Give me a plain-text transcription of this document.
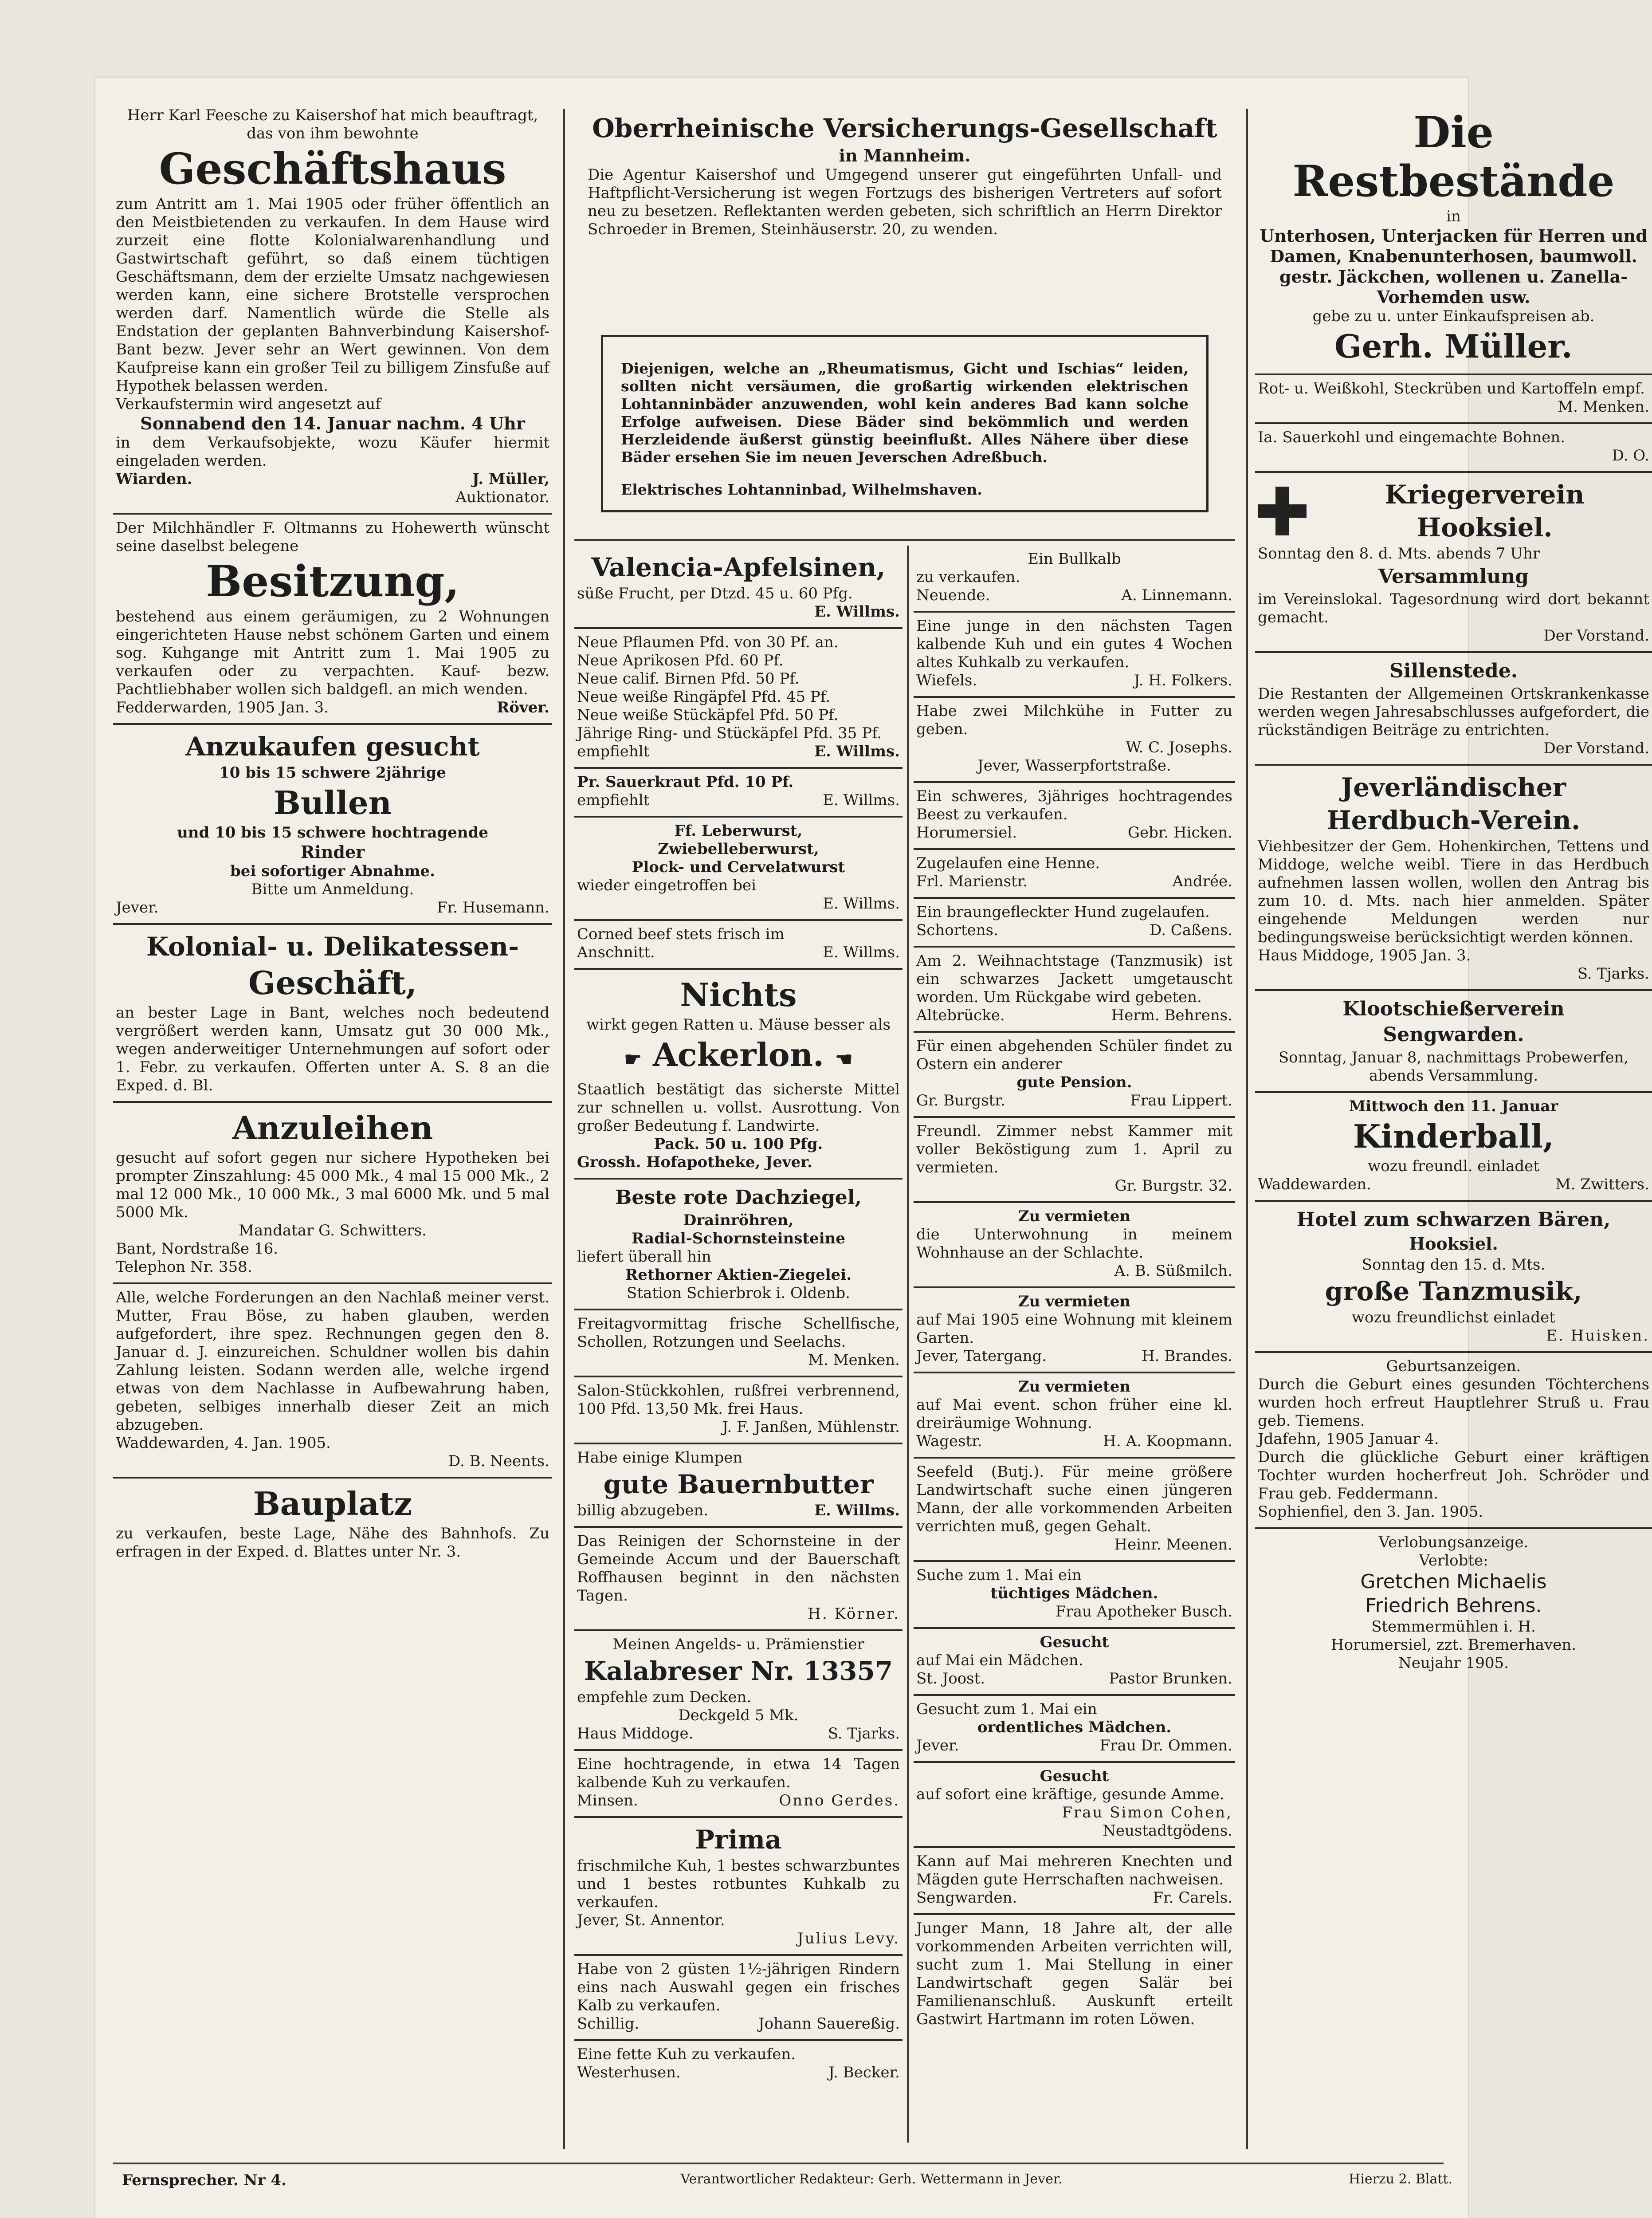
Herr Karl Feesche zu Kaisershof hat mich beauftragt, das von ihm bewohnte

Geschäftshaus

zum Antritt am 1. Mai 1905 oder früher öffentlich an den Meistbietenden zu verkaufen. In dem Hause wird zurzeit eine flotte Kolonialwarenhandlung und Gastwirtschaft geführt, so daß einem tüchtigen Geschäftsmann, dem der erzielte Umsatz nachgewiesen werden kann, eine sichere Brotstelle versprochen werden darf. Namentlich würde die Stelle als Endstation der geplanten Bahnverbindung Kaisershof-Bant bezw. Jever sehr an Wert gewinnen. Von dem Kaufpreise kann ein großer Teil zu billigem Zinsfuße auf Hypothek belassen werden.

Verkaufstermin wird angesetzt auf

Sonnabend den 14. Januar nachm. 4 Uhr

in dem Verkaufsobjekte, wozu Käufer hiermit eingeladen werden.

Wiarden.	J. Müller,

Auktionator.

Der Milchhändler F. Oltmanns zu Hohewerth wünscht seine daselbst belegene

Besitzung,

bestehend aus einem geräumigen, zu 2 Wohnungen eingerichteten Hause nebst schönem Garten und einem sog. Kuhgange mit Antritt zum 1. Mai 1905 zu verkaufen oder zu verpachten. Kauf- bezw. Pachtliebhaber wollen sich baldgefl. an mich wenden.

Fedderwarden, 1905 Jan. 3.	Röver.
Anzukaufen gesucht

10 bis 15 schwere 2jährige

Bullen

und 10 bis 15 schwere hochtragende

Rinder

bei sofortiger Abnahme.

Bitte um Anmeldung.

Jever.	Fr. Husemann.
Kolonial- u. Delikatessen-
Geschäft,

an bester Lage in Bant, welches noch bedeutend vergrößert werden kann, Umsatz gut 30 000 Mk., wegen anderweitiger Unternehmungen auf sofort oder 1. Febr. zu verkaufen. Offerten unter A. S. 8 an die Exped. d. Bl.

Anzuleihen

gesucht auf sofort gegen nur sichere Hypotheken bei prompter Zinszahlung: 45 000 Mk., 4 mal 15 000 Mk., 2 mal 12 000 Mk., 10 000 Mk., 3 mal 6000 Mk. und 5 mal 5000 Mk.

Mandatar G. Schwitters.

Bant, Nordstraße 16.

Telephon Nr. 358.

Alle, welche Forderungen an den Nachlaß meiner verst. Mutter, Frau Böse, zu haben glauben, werden aufgefordert, ihre spez. Rechnungen gegen den 8. Januar d. J. einzureichen. Schuldner wollen bis dahin Zahlung leisten. Sodann werden alle, welche irgend etwas von dem Nachlasse in Aufbewahrung haben, gebeten, selbiges innerhalb dieser Zeit an mich abzugeben.

Waddewarden, 4. Jan. 1905.

D. B. Neents.

Bauplatz

zu verkaufen, beste Lage, Nähe des Bahnhofs. Zu erfragen in der Exped. d. Blattes unter Nr. 3.

Oberrheinische Versicherungs-Gesellschaft

in Mannheim.

Die Agentur Kaisershof und Umgegend unserer gut eingeführten Unfall- und Haftpflicht-Versicherung ist wegen Fortzugs des bisherigen Vertreters auf sofort neu zu besetzen. Reflektanten werden gebeten, sich schriftlich an Herrn Direktor Schroeder in Bremen, Steinhäuserstr. 20, zu wenden.

Diejenigen, welche an „Rheumatismus, Gicht und Ischias“ leiden, sollten nicht versäumen, die großartig wirkenden elektrischen Lohtanninbäder anzuwenden, wohl kein anderes Bad kann solche Erfolge aufweisen. Diese Bäder sind bekömmlich und werden Herzleidende äußerst günstig beeinflußt. Alles Nähere über diese Bäder ersehen Sie im neuen Jeverschen Adreßbuch.

Elektrisches Lohtanninbad, Wilhelmshaven.

Valencia-Apfelsinen,

süße Frucht, per Dtzd. 45 u. 60 Pfg.

E. Willms.

Neue Pflaumen Pfd. von 30 Pf. an.

Neue Aprikosen Pfd. 60 Pf.

Neue calif. Birnen Pfd. 50 Pf.

Neue weiße Ringäpfel Pfd. 45 Pf.

Neue weiße Stückäpfel Pfd. 50 Pf.

Jährige Ring- und Stückäpfel Pfd. 35 Pf.

empfiehlt	E. Willms.

Pr. Sauerkraut Pfd. 10 Pf.

empfiehlt	E. Willms.

Ff. Leberwurst,

Zwiebelleberwurst,

Plock- und Cervelatwurst

wieder eingetroffen bei

E. Willms.

Corned beef stets frisch im

Anschnitt.	E. Willms.
Nichts

wirkt gegen Ratten u. Mäuse besser als

☛ Ackerlon. ☚

Staatlich bestätigt das sicherste Mittel zur schnellen u. vollst. Ausrottung. Von großer Bedeutung f. Landwirte.

Pack. 50 u. 100 Pfg.

Grossh. Hofapotheke, Jever.

Beste rote Dachziegel,

Drainröhren,

Radial-Schornsteinsteine

liefert überall hin

Rethorner Aktien-Ziegelei.

Station Schierbrok i. Oldenb.

Freitagvormittag frische Schellfische, Schollen, Rotzungen und Seelachs.

M. Menken.

Salon-Stückkohlen, rußfrei verbrennend, 100 Pfd. 13,50 Mk. frei Haus.

J. F. Janßen, Mühlenstr.

Habe einige Klumpen

gute Bauernbutter
billig abzugeben.	E. Willms.

Das Reinigen der Schornsteine in der Gemeinde Accum und der Bauerschaft Roffhausen beginnt in den nächsten Tagen.

H. Körner.

Meinen Angelds- u. Prämienstier

Kalabreser Nr. 13357

empfehle zum Decken.

Deckgeld 5 Mk.

Haus Middoge.	S. Tjarks.

Eine hochtragende, in etwa 14 Tagen kalbende Kuh zu verkaufen.

Minsen.	Onno Gerdes.
Prima

frischmilche Kuh, 1 bestes schwarzbuntes und 1 bestes rotbuntes Kuhkalb zu verkaufen.

Jever, St. Annentor.

Julius Levy.

Habe von 2 güsten 1½-jährigen Rindern eins nach Auswahl gegen ein frisches Kalb zu verkaufen.

Schillig.	Johann Sauereßig.

Eine fette Kuh zu verkaufen.

Westerhusen.	J. Becker.

Ein Bullkalb

zu verkaufen.

Neuende.	A. Linnemann.

Eine junge in den nächsten Tagen kalbende Kuh und ein gutes 4 Wochen altes Kuhkalb zu verkaufen.

Wiefels.	J. H. Folkers.

Habe zwei Milchkühe in Futter zu geben.

W. C. Josephs.

Jever, Wasserpfortstraße.

Ein schweres, 3jähriges hochtragendes Beest zu verkaufen.

Horumersiel.	Gebr. Hicken.

Zugelaufen eine Henne.

Frl. Marienstr.	Andrée.

Ein braungefleckter Hund zugelaufen.

Schortens.	D. Caßens.

Am 2. Weihnachtstage (Tanzmusik) ist ein schwarzes Jackett umgetauscht worden. Um Rückgabe wird gebeten.

Altebrücke.	Herm. Behrens.

Für einen abgehenden Schüler findet zu Ostern ein anderer

gute Pension.

Gr. Burgstr.	Frau Lippert.

Freundl. Zimmer nebst Kammer mit voller Beköstigung zum 1. April zu vermieten.

Gr. Burgstr. 32.

Zu vermieten

die Unterwohnung in meinem Wohnhause an der Schlachte.

A. B. Süßmilch.

Zu vermieten

auf Mai 1905 eine Wohnung mit kleinem Garten.

Jever, Tatergang.	H. Brandes.

Zu vermieten

auf Mai event. schon früher eine kl. dreiräumige Wohnung.

Wagestr.	H. A. Koopmann.

Seefeld (Butj.). Für meine größere Landwirtschaft suche einen jüngeren Mann, der alle vorkommenden Arbeiten verrichten muß, gegen Gehalt.

Heinr. Meenen.

Suche zum 1. Mai ein

tüchtiges Mädchen.

Frau Apotheker Busch.

Gesucht

auf Mai ein Mädchen.

St. Joost.	Pastor Brunken.

Gesucht zum 1. Mai ein

ordentliches Mädchen.

Jever.	Frau Dr. Ommen.

Gesucht

auf sofort eine kräftige, gesunde Amme.

Frau Simon Cohen,

Neustadtgödens.

Kann auf Mai mehreren Knechten und Mägden gute Herrschaften nachweisen.

Sengwarden.	Fr. Carels.

Junger Mann, 18 Jahre alt, der alle vorkommenden Arbeiten verrichten will, sucht zum 1. Mai Stellung in einer Landwirtschaft gegen Salär bei Familienanschluß. Auskunft erteilt Gastwirt Hartmann im roten Löwen.

Die Restbestände

in

Unterhosen, Unterjacken für Herren und Damen, Knabenunterhosen, baumwoll. gestr. Jäckchen, wollenen u. Zanella-Vorhemden usw.

gebe zu u. unter Einkaufspreisen ab.

Gerh. Müller.

Rot- u. Weißkohl, Steckrüben und Kartoffeln empf.

M. Menken.

Ia. Sauerkohl und eingemachte Bohnen.

D. O.

Kriegerverein
Hooksiel.

Sonntag den 8. d. Mts. abends 7 Uhr

Versammlung

im Vereinslokal. Tagesordnung wird dort bekannt gemacht.

Der Vorstand.

Sillenstede.

Die Restanten der Allgemeinen Ortskrankenkasse werden wegen Jahresabschlusses aufgefordert, die rückständigen Beiträge zu entrichten.

Der Vorstand.

Jeverländischer
Herdbuch-Verein.

Viehbesitzer der Gem. Hohenkirchen, Tettens und Middoge, welche weibl. Tiere in das Herdbuch aufnehmen lassen wollen, wollen den Antrag bis zum 10. d. Mts. nach hier anmelden. Später eingehende Meldungen werden nur bedingungsweise berücksichtigt werden können.

Haus Middoge, 1905 Jan. 3.

S. Tjarks.

Klootschießerverein
Sengwarden.

Sonntag, Januar 8, nachmittags Probewerfen, abends Versammlung.

Mittwoch den 11. Januar

Kinderball,

wozu freundl. einladet

Waddewarden.	M. Zwitters.
Hotel zum schwarzen Bären,
Hooksiel.

Sonntag den 15. d. Mts.

große Tanzmusik,

wozu freundlichst einladet

E. Huisken.

Geburtsanzeigen.

Durch die Geburt eines gesunden Töchterchens wurden hoch erfreut Hauptlehrer Struß u. Frau geb. Tiemens.

Jdafehn, 1905 Januar 4.

Durch die glückliche Geburt einer kräftigen Tochter wurden hocherfreut Joh. Schröder und Frau geb. Feddermann.

Sophienfiel, den 3. Jan. 1905.

Verlobungsanzeige.

Verlobte:

Gretchen Michaelis

Friedrich Behrens.

Stemmermühlen i. H.

Horumersiel, zzt. Bremerhaven.

Neujahr 1905.

Fernsprecher. Nr 4.	Verantwortlicher Redakteur: Gerh. Wettermann in Jever.	Hierzu 2. Blatt.
